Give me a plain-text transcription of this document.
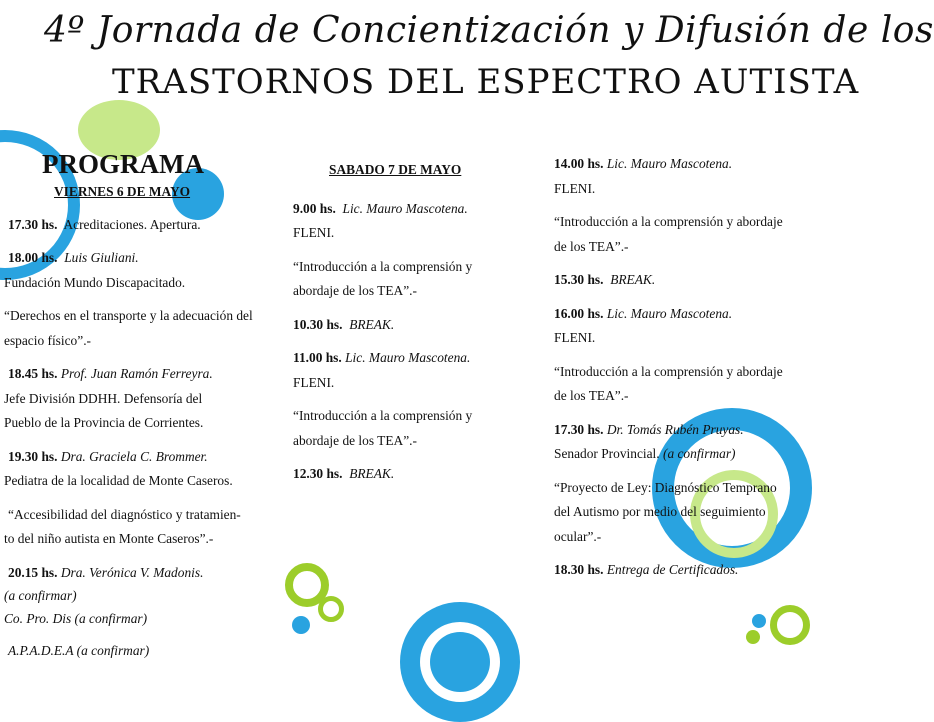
4º Jornada de Concientización y Difusión de los
TRASTORNOS DEL ESPECTRO AUTISTA
PROGRAMA
VIERNES 6 DE MAYO

17.30 hs. Acreditaciones. Apertura.

18.00 hs. Luis Giuliani.
Fundación Mundo Discapacitado.

“Derechos en el transporte y la adecuación del espacio físico”.-

18.45 hs. Prof. Juan Ramón Ferreyra.
Jefe División DDHH. Defensoría del
Pueblo de la Provincia de Corrientes.

19.30 hs. Dra. Graciela C. Brommer.
Pediatra de la localidad de Monte Caseros.

“Accesibilidad del diagnóstico y tratamien-
to del niño autista en Monte Caseros”.-

20.15 hs. Dra. Verónica V. Madonis.
(a confirmar)
Co. Pro. Dis (a confirmar)

A.P.A.D.E.A (a confirmar)

SABADO 7 DE MAYO

9.00 hs. Lic. Mauro Mascotena.
FLENI.

“Introducción a la comprensión y abordaje de los TEA”.-

10.30 hs. BREAK.

11.00 hs. Lic. Mauro Mascotena.
FLENI.

“Introducción a la comprensión y abordaje de los TEA”.-

12.30 hs. BREAK.

14.00 hs. Lic. Mauro Mascotena.
FLENI.

“Introducción a la comprensión y abordaje de los TEA”.-

15.30 hs. BREAK.

16.00 hs. Lic. Mauro Mascotena.
FLENI.

“Introducción a la comprensión y abordaje de los TEA”.-

17.30 hs. Dr. Tomás Rubén Pruyas.
Senador Provincial. (a confirmar)

“Proyecto de Ley: Diagnóstico Temprano del Autismo por medio del seguimiento ocular”.-

18.30 hs. Entrega de Certificados.
